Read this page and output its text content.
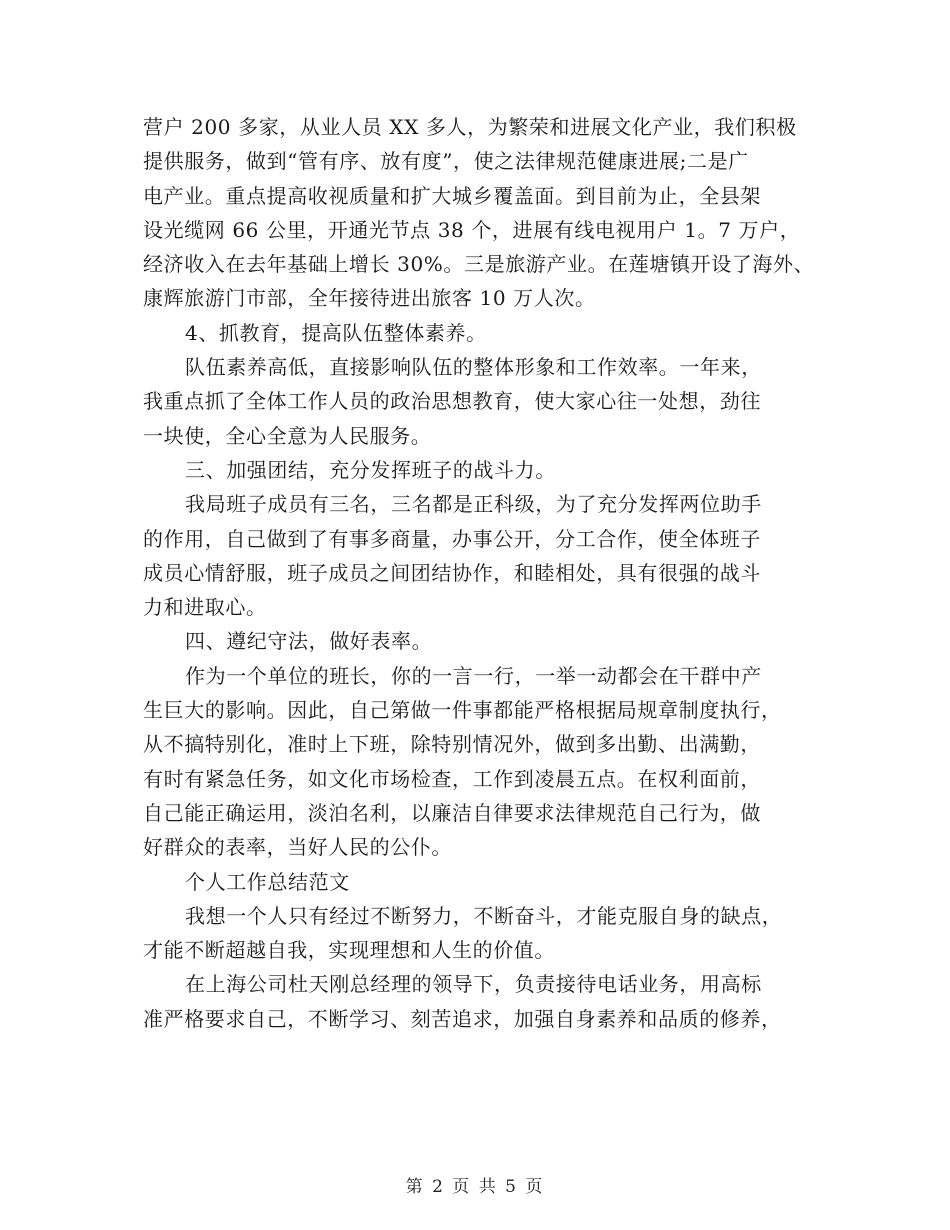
营户 200 多家，从业人员 XX 多人，为繁荣和进展文化产业，我们积极
提供服务，做到“管有序、放有度”，使之法律规范健康进展;二是广
电产业。重点提高收视质量和扩大城乡覆盖面。到目前为止，全县架
设光缆网 66 公里，开通光节点 38 个，进展有线电视用户 1。7 万户，
经济收入在去年基础上增长 30%。三是旅游产业。在莲塘镇开设了海外、
康辉旅游门市部，全年接待进出旅客 10 万人次。
4、抓教育，提高队伍整体素养。
队伍素养高低，直接影响队伍的整体形象和工作效率。一年来，
我重点抓了全体工作人员的政治思想教育，使大家心往一处想，劲往
一块使，全心全意为人民服务。
三、加强团结，充分发挥班子的战斗力。
我局班子成员有三名，三名都是正科级，为了充分发挥两位助手
的作用，自己做到了有事多商量，办事公开，分工合作，使全体班子
成员心情舒服，班子成员之间团结协作，和睦相处，具有很强的战斗
力和进取心。
四、遵纪守法，做好表率。
作为一个单位的班长，你的一言一行，一举一动都会在干群中产
生巨大的影响。因此，自己第做一件事都能严格根据局规章制度执行，
从不搞特别化，准时上下班，除特别情况外，做到多出勤、出满勤，
有时有紧急任务，如文化市场检查，工作到凌晨五点。在权利面前，
自己能正确运用，淡泊名利，以廉洁自律要求法律规范自己行为，做
好群众的表率，当好人民的公仆。
个人工作总结范文
我想一个人只有经过不断努力，不断奋斗，才能克服自身的缺点，
才能不断超越自我，实现理想和人生的价值。
在上海公司杜天刚总经理的领导下，负责接待电话业务，用高标
准严格要求自己，不断学习、刻苦追求，加强自身素养和品质的修养，
第 2 页 共 5 页
